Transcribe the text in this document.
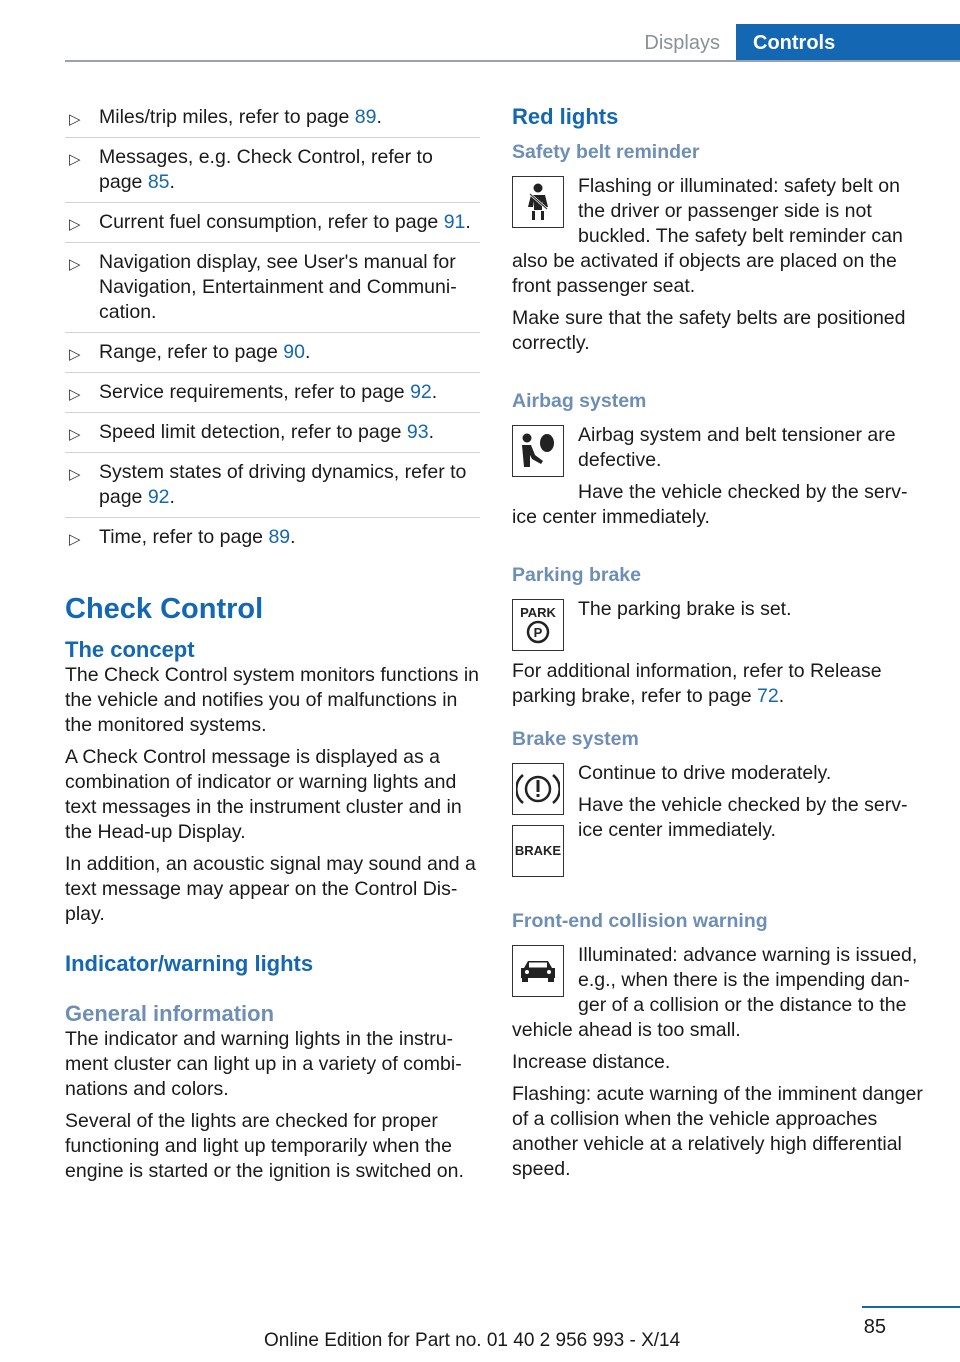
Displays	Controls
▷ Miles/trip miles, refer to page 89.
▷ Messages, e.g. Check Control, refer to page 85.
▷ Current fuel consumption, refer to page 91.
▷ Navigation display, see User's manual for Navigation, Entertainment and Communication.
▷ Range, refer to page 90.
▷ Service requirements, refer to page 92.
▷ Speed limit detection, refer to page 93.
▷ System states of driving dynamics, refer to page 92.
▷ Time, refer to page 89.
Check Control
The concept

The Check Control system monitors functions in the vehicle and notifies you of malfunctions in the monitored systems.

A Check Control message is displayed as a combination of indicator or warning lights and text messages in the instrument cluster and in the Head-up Display.

In addition, an acoustic signal may sound and a text message may appear on the Control Display.

Indicator/warning lights
General information

The indicator and warning lights in the instrument cluster can light up in a variety of combinations and colors.

Several of the lights are checked for proper functioning and light up temporarily when the engine is started or the ignition is switched on.

Red lights
Safety belt reminder

Flashing or illuminated: safety belt on the driver or passenger side is not buckled. The safety belt reminder can also be activated if objects are placed on the front passenger seat.

Make sure that the safety belts are positioned correctly.

Airbag system

Airbag system and belt tensioner are defective.

Have the vehicle checked by the service center immediately.

Parking brake
PARK
P

The parking brake is set.

For additional information, refer to Release parking brake, refer to page 72.

Brake system
BRAKE

Continue to drive moderately.

Have the vehicle checked by the service center immediately.

Front-end collision warning

Illuminated: advance warning is issued, e.g., when there is the impending danger of a collision or the distance to the vehicle ahead is too small.

Increase distance.

Flashing: acute warning of the imminent danger of a collision when the vehicle approaches another vehicle at a relatively high differential speed.

85
Online Edition for Part no. 01 40 2 956 993 - X/14
